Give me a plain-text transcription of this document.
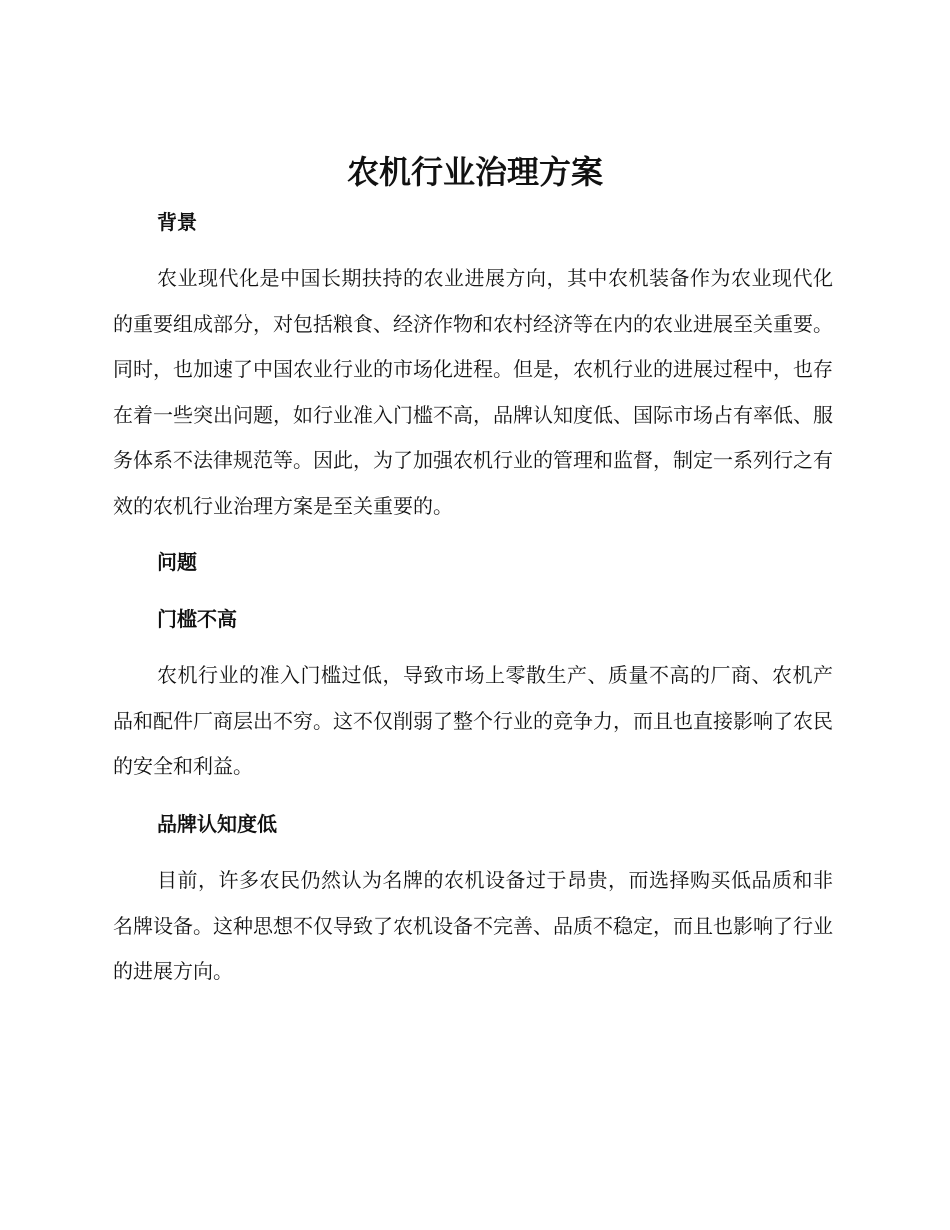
农机行业治理方案
背景

农业现代化是中国长期扶持的农业进展方向，其中农机装备作为农业现代化的重要组成部分，对包括粮食、经济作物和农村经济等在内的农业进展至关重要。同时，也加速了中国农业行业的市场化进程。但是，农机行业的进展过程中，也存在着一些突出问题，如行业准入门槛不高，品牌认知度低、国际市场占有率低、服务体系不法律规范等。因此，为了加强农机行业的管理和监督，制定一系列行之有效的农机行业治理方案是至关重要的。

问题
门槛不高

农机行业的准入门槛过低，导致市场上零散生产、质量不高的厂商、农机产品和配件厂商层出不穷。这不仅削弱了整个行业的竞争力，而且也直接影响了农民的安全和利益。

品牌认知度低

目前，许多农民仍然认为名牌的农机设备过于昂贵，而选择购买低品质和非名牌设备。这种思想不仅导致了农机设备不完善、品质不稳定，而且也影响了行业的进展方向。
